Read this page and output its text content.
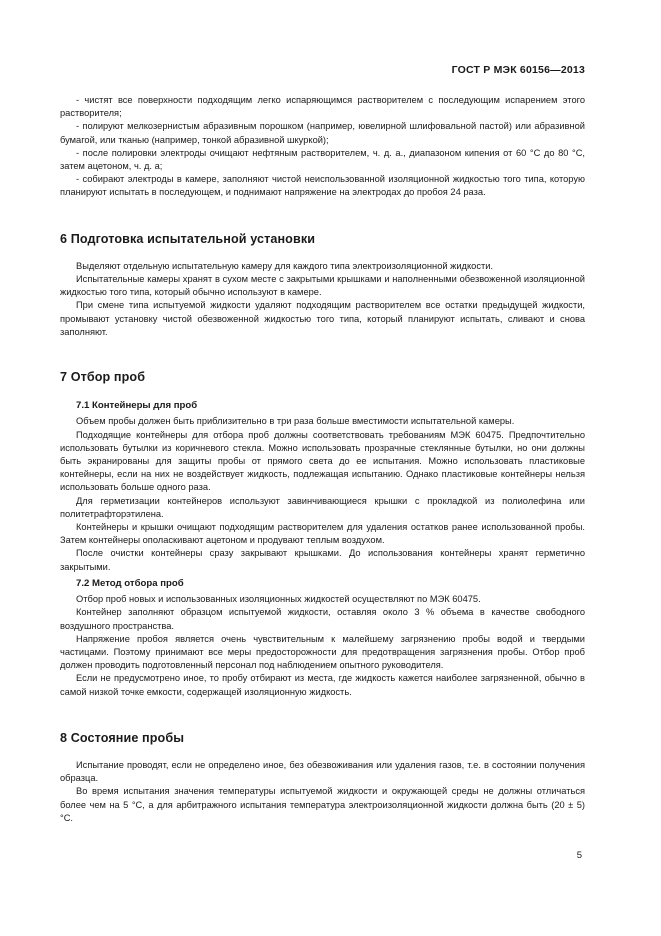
ГОСТ Р МЭК 60156—2013

- чистят все поверхности подходящим легко испаряющимся растворителем с последующим испарением этого растворителя;

- полируют мелкозернистым абразивным порошком (например, ювелирной шлифовальной пастой) или абразивной бумагой, или тканью (например, тонкой абразивной шкуркой);

- после полировки электроды очищают нефтяным растворителем, ч. д. а., диапазоном кипения от 60 °С до 80 °С, затем ацетоном, ч. д. а;

- собирают электроды в камере, заполняют чистой неиспользованной изоляционной жидкостью того типа, которую планируют испытать в последующем, и поднимают напряжение на электродах до пробоя 24 раза.

6 Подготовка испытательной установки

Выделяют отдельную испытательную камеру для каждого типа электроизоляционной жидкости.

Испытательные камеры хранят в сухом месте с закрытыми крышками и наполненными обезвоженной изоляционной жидкостью того типа, который обычно используют в камере.

При смене типа испытуемой жидкости удаляют подходящим растворителем все остатки предыдущей жидкости, промывают установку чистой обезвоженной жидкостью того типа, который планируют испытать, сливают и снова заполняют.

7 Отбор проб
7.1 Контейнеры для проб

Объем пробы должен быть приблизительно в три раза больше вместимости испытательной камеры.

Подходящие контейнеры для отбора проб должны соответствовать требованиям МЭК 60475. Предпочтительно использовать бутылки из коричневого стекла. Можно использовать прозрачные стеклянные бутылки, но они должны быть экранированы для защиты пробы от прямого света до ее испытания. Можно использовать пластиковые контейнеры, если на них не воздействует жидкость, подлежащая испытанию. Однако пластиковые контейнеры нельзя использовать больше одного раза.

Для герметизации контейнеров используют завинчивающиеся крышки с прокладкой из полиолефина или политетрафторэтилена.

Контейнеры и крышки очищают подходящим растворителем для удаления остатков ранее использованной пробы. Затем контейнеры ополаскивают ацетоном и продувают теплым воздухом.

После очистки контейнеры сразу закрывают крышками. До использования контейнеры хранят герметично закрытыми.

7.2 Метод отбора проб

Отбор проб новых и использованных изоляционных жидкостей осуществляют по МЭК 60475.

Контейнер заполняют образцом испытуемой жидкости, оставляя около 3 % объема в качестве свободного воздушного пространства.

Напряжение пробоя является очень чувствительным к малейшему загрязнению пробы водой и твердыми частицами. Поэтому принимают все меры предосторожности для предотвращения загрязнения пробы. Отбор проб должен проводить подготовленный персонал под наблюдением опытного руководителя.

Если не предусмотрено иное, то пробу отбирают из места, где жидкость кажется наиболее загрязненной, обычно в самой низкой точке емкости, содержащей изоляционную жидкость.

8 Состояние пробы

Испытание проводят, если не определено иное, без обезвоживания или удаления газов, т.е. в состоянии получения образца.

Во время испытания значения температуры испытуемой жидкости и окружающей среды не должны отличаться более чем на 5 °С, а для арбитражного испытания температура электроизоляционной жидкости должна быть (20 ± 5) °С.

5
